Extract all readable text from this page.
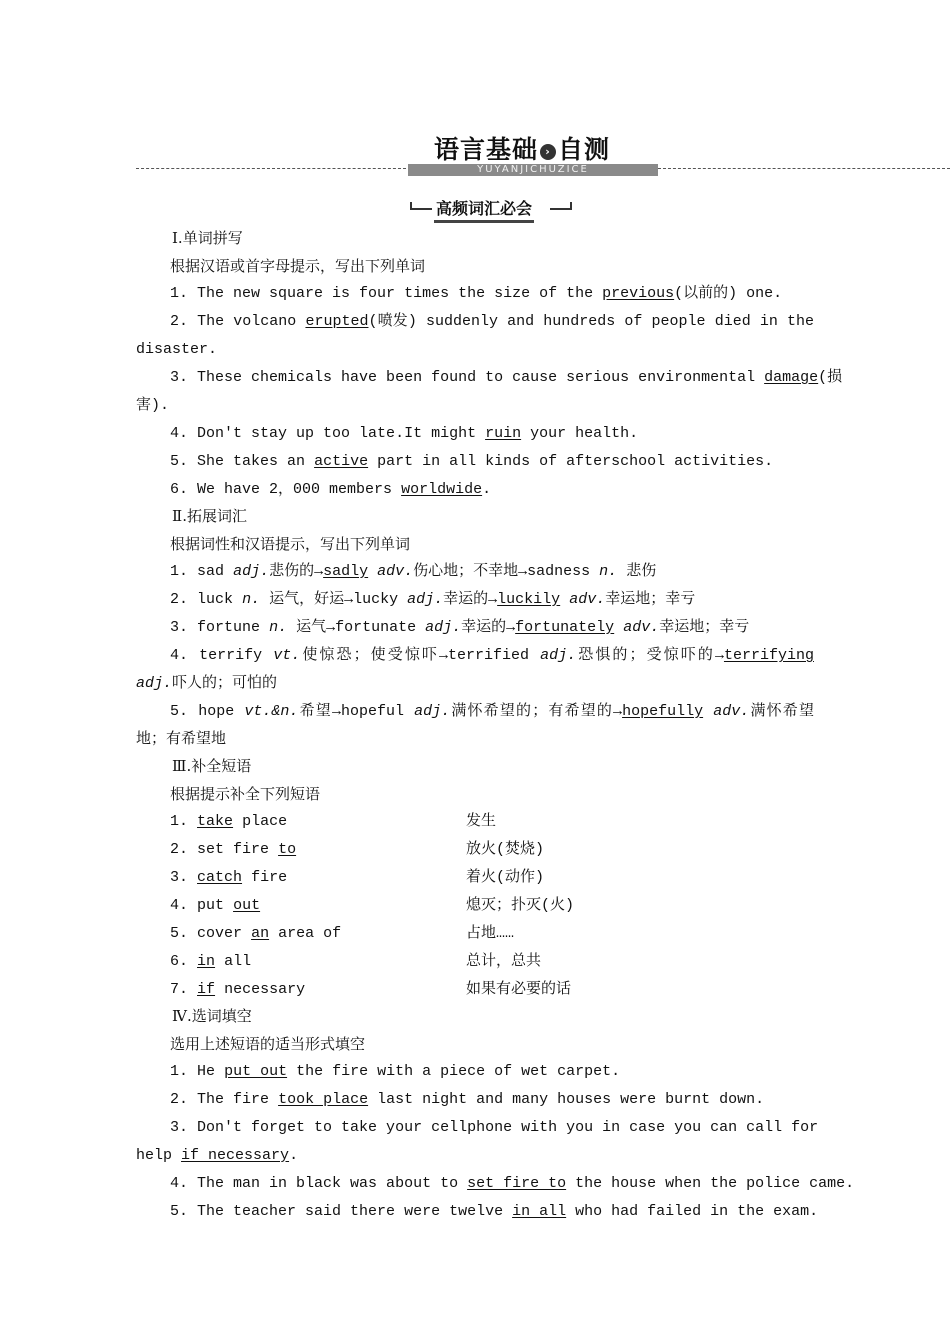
语言基础 › 自测
YUYANJICHUZICE
高频词汇必会
Ⅰ.单词拼写
根据汉语或首字母提示，写出下列单词
1. The new square is four times the size of the previous(以前的) one.
2. The volcano erupted(喷发) suddenly and hundreds of people died in the
disaster.
3. These chemicals have been found to cause serious environmental damage(损
害).
4. Don't stay up too late.It might ruin your health.
5. She takes an active part in all kinds of afterschool activities.
6. We have 2，000 members worldwide.
Ⅱ.拓展词汇
根据词性和汉语提示，写出下列单词
1. sad adj.悲伤的→sadly adv.伤心地；不幸地→sadness n. 悲伤
2. luck n. 运气，好运→lucky adj.幸运的→luckily adv.幸运地；幸亏
3. fortune n. 运气→fortunate adj.幸运的→fortunately adv.幸运地；幸亏
4. terrify vt.使惊恐；使受惊吓→terrified adj.恐惧的；受惊吓的→terrifying
adj.吓人的；可怕的
5. hope vt.&n.希望→hopeful adj.满怀希望的；有希望的→hopefully adv.满怀希望
地；有希望地
Ⅲ.补全短语
根据提示补全下列短语
1. take place	发生
2. set fire to	放火(焚烧)
3. catch fire	着火(动作)
4. put out	熄灭；扑灭(火)
5. cover an area of	占地……
6. in all	总计，总共
7. if necessary	如果有必要的话
Ⅳ.选词填空
选用上述短语的适当形式填空
1. He put out the fire with a piece of wet carpet.
2. The fire took place last night and many houses were burnt down.
3. Don't forget to take your cellphone with you in case you can call for
help if necessary.
4. The man in black was about to set fire to the house when the police came.
5. The teacher said there were twelve in all who had failed in the exam.
